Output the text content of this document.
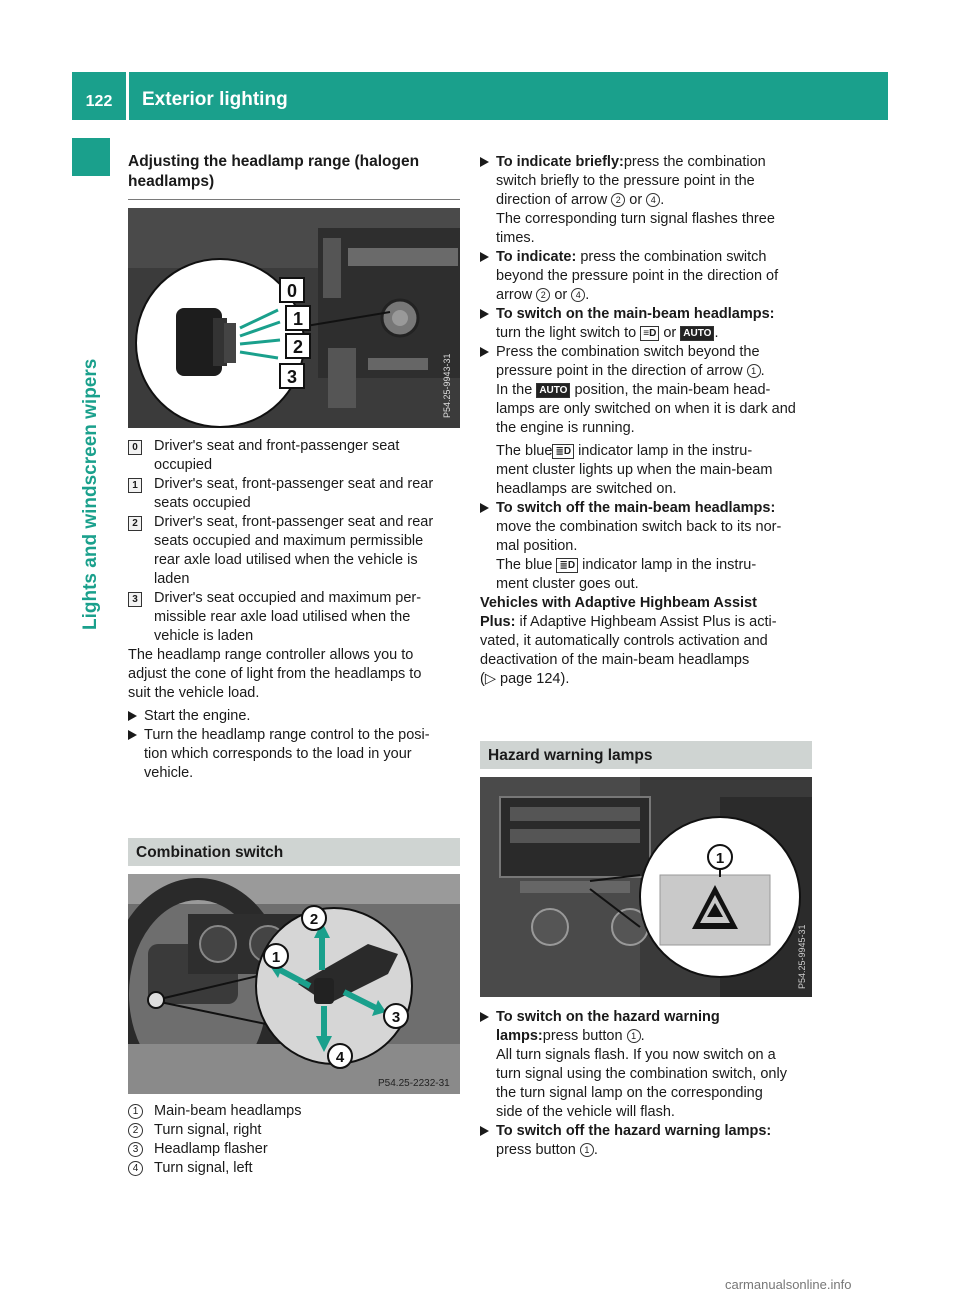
122	Exterior lighting
Lights and windscreen wipers
Adjusting the headlamp range (halogen
headlamps)
0
1
2
3	P54.25-9943-31
0 Driver's seat and front-passenger seat
occupied
1 Driver's seat, front-passenger seat and rear
seats occupied
2 Driver's seat, front-passenger seat and rear
seats occupied and maximum permissible
rear axle load utilised when the vehicle is
laden
3 Driver's seat occupied and maximum per-
missible rear axle load utilised when the
vehicle is laden

The headlamp range controller allows you to
adjust the cone of light from the headlamps to
suit the vehicle load.

Start the engine.
Turn the headlamp range control to the posi-
tion which corresponds to the load in your
vehicle.
Combination switch
2
1
3
4
P54.25-2232-31
1	Main-beam headlamps
2	Turn signal, right
3	Headlamp flasher
4	Turn signal, left
To indicate briefly:press the combination
switch briefly to the pressure point in the
direction of arrow 2 or 4 .
The corresponding turn signal flashes three
times.
To indicate: press the combination switch
beyond the pressure point in the direction of
arrow 2 or 4 .
To switch on the main-beam headlamps:
turn the light switch to ≡D or AUTO .
Press the combination switch beyond the
pressure point in the direction of arrow 1 .
In the AUTO position, the main-beam head-
lamps are only switched on when it is dark and
the engine is running.
The blue≣D indicator lamp in the instru-
ment cluster lights up when the main-beam
headlamps are switched on.
To switch off the main-beam headlamps:
move the combination switch back to its nor-
mal position.
The blue ≣D indicator lamp in the instru-
ment cluster goes out.

Vehicles with Adaptive Highbeam Assist
Plus: if Adaptive Highbeam Assist Plus is acti-
vated, it automatically controls activation and
deactivation of the main-beam headlamps
(▷ page 124).

Hazard warning lamps
1
P54.25-9945-31
To switch on the hazard warning
lamps:press button 1 .
All turn signals flash. If you now switch on a
turn signal using the combination switch, only
the turn signal lamp on the corresponding
side of the vehicle will flash.
To switch off the hazard warning lamps:
press button 1 .
carmanualsonline.info
